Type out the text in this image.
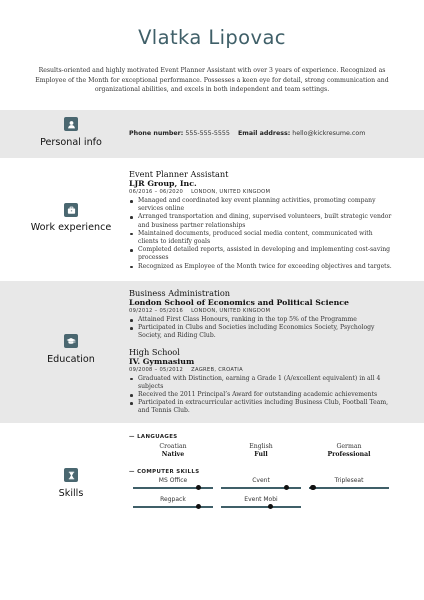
Vlatka Lipovac
Results-oriented and highly motivated Event Planner Assistant with over 3 years of experience. Recognized as Employee of the Month for exceptional performance. Possesses a keen eye for detail, strong communication and organizational abilities, and excels in both independent and team settings.
Personal info
Phone number: 555-555-5555 Email address: hello@kickresume.com
Work experience
Event Planner Assistant
LJR Group, Inc.
06/2016 – 06/2020 LONDON, UNITED KINGDOM
Managed and coordinated key event planning activities, promoting company services online
Arranged transportation and dining, supervised volunteers, built strategic vendor and business partner relationships
Maintained documents, produced social media content, communicated with clients to identify goals
Completed detailed reports, assisted in developing and implementing cost-saving processes
Recognized as Employee of the Month twice for exceeding objectives and targets.
Education
Business Administration
London School of Economics and Political Science
09/2012 – 05/2016 LONDON, UNITED KINGDOM
Attained First Class Honours, ranking in the top 5% of the Programme
Participated in Clubs and Societies including Economics Society, Psychology Society, and Riding Club.
High School
IV. Gymnasium
09/2008 – 05/2012 ZAGREB, CROATIA
Graduated with Distinction, earning a Grade 1 (A/excellent equivalent) in all 4 subjects
Received the 2011 Principal’s Award for outstanding academic achievements
Participated in extracurricular activities including Business Club, Football Team, and Tennis Club.
Skills
— LANGUAGES
Croatian
Native
English
Full
German
Professional
— COMPUTER SKILLS
MS Office	Cvent	Tripleseat
Regpack	Event Mobi
